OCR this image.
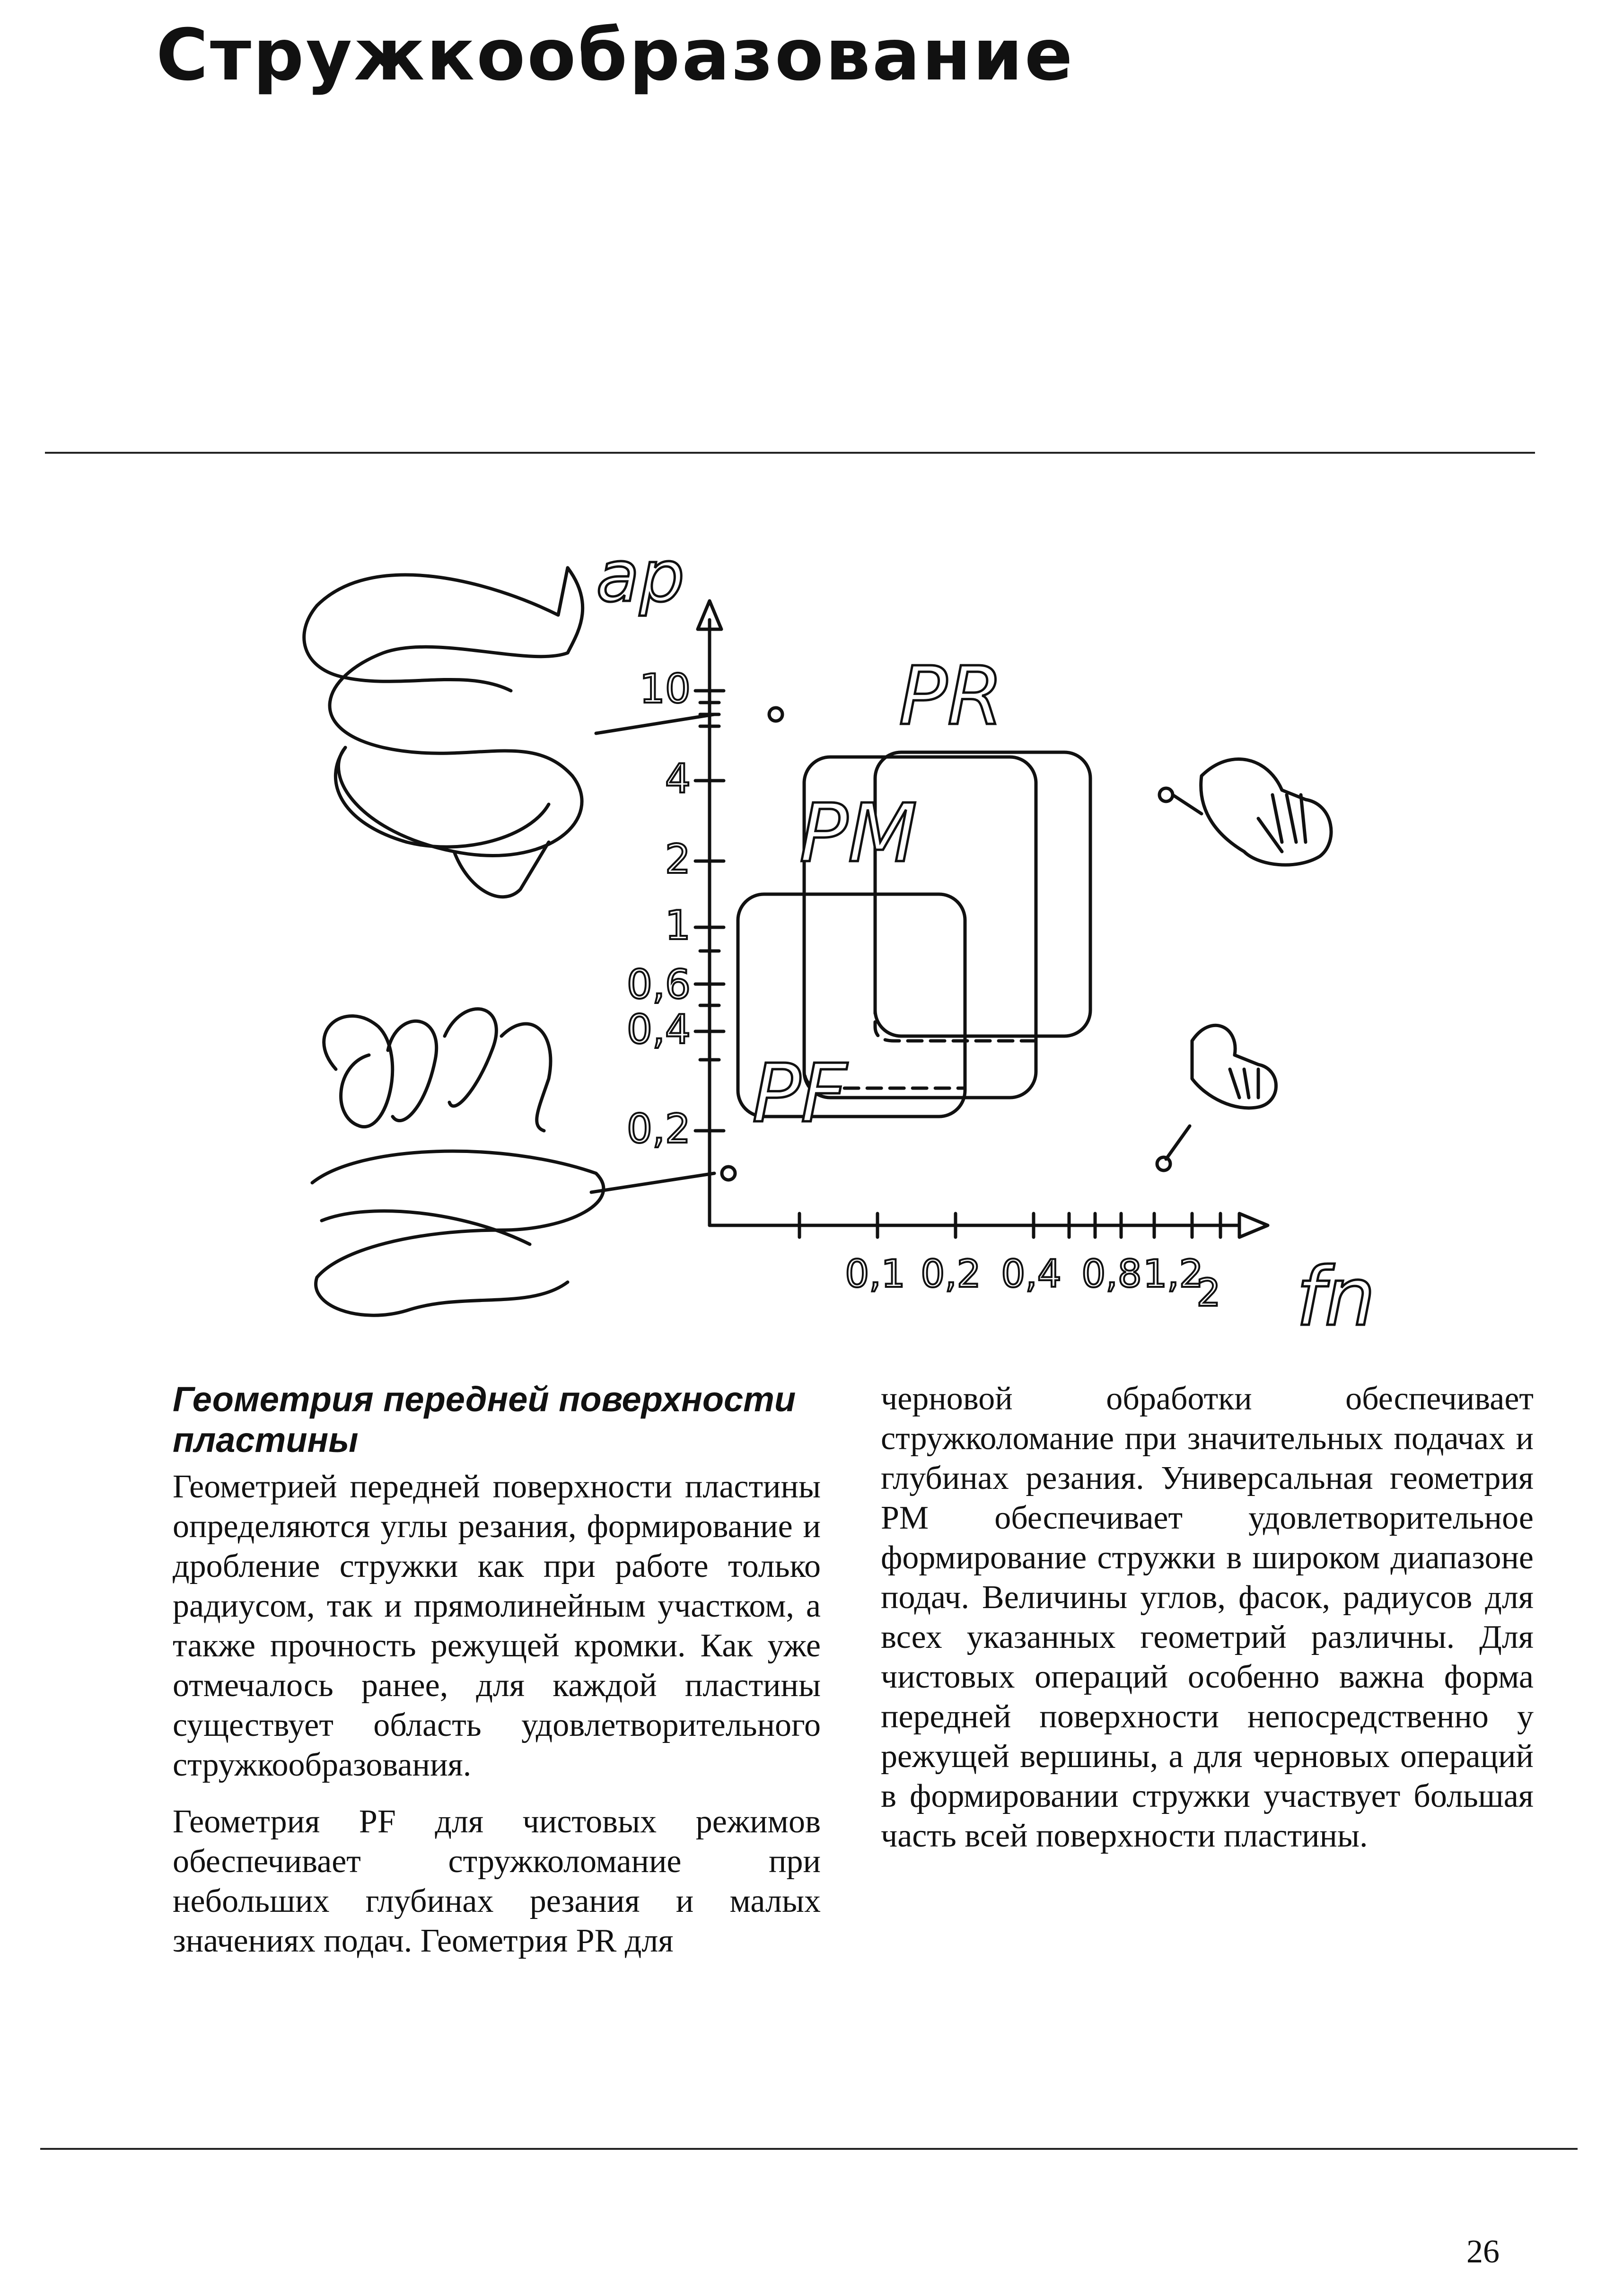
Стружкообразование
ap
fn
10
4
2
1
0,6
0,4
0,2
0,1 0,2 0,4 0,8 1,2
2
PR
PM
PF
Геометрия передней поверхности пластины

Геометрией передней поверхности пластины определяются углы резания, формирование и дробление стружки как при работе только радиусом, так и прямолинейным участком, а также прочность режущей кромки. Как уже отмечалось ранее, для каждой пластины существует область удовлетворительного стружкообразования.

Геометрия PF для чистовых режимов обеспечивает стружколомание при небольших глубинах резания и малых значениях подач. Геометрия PR для

черновой обработки обеспечивает стружколомание при значительных подачах и глубинах резания. Универсальная геометрия PM обеспечивает удовлетворительное формирование стружки в широком диапазоне подач. Величины углов, фасок, радиусов для всех указанных геометрий различны. Для чистовых операций особенно важна форма передней поверхности непосредственно у режущей вершины, а для черновых операций в формировании стружки участвует большая часть всей поверхности пластины.

26
